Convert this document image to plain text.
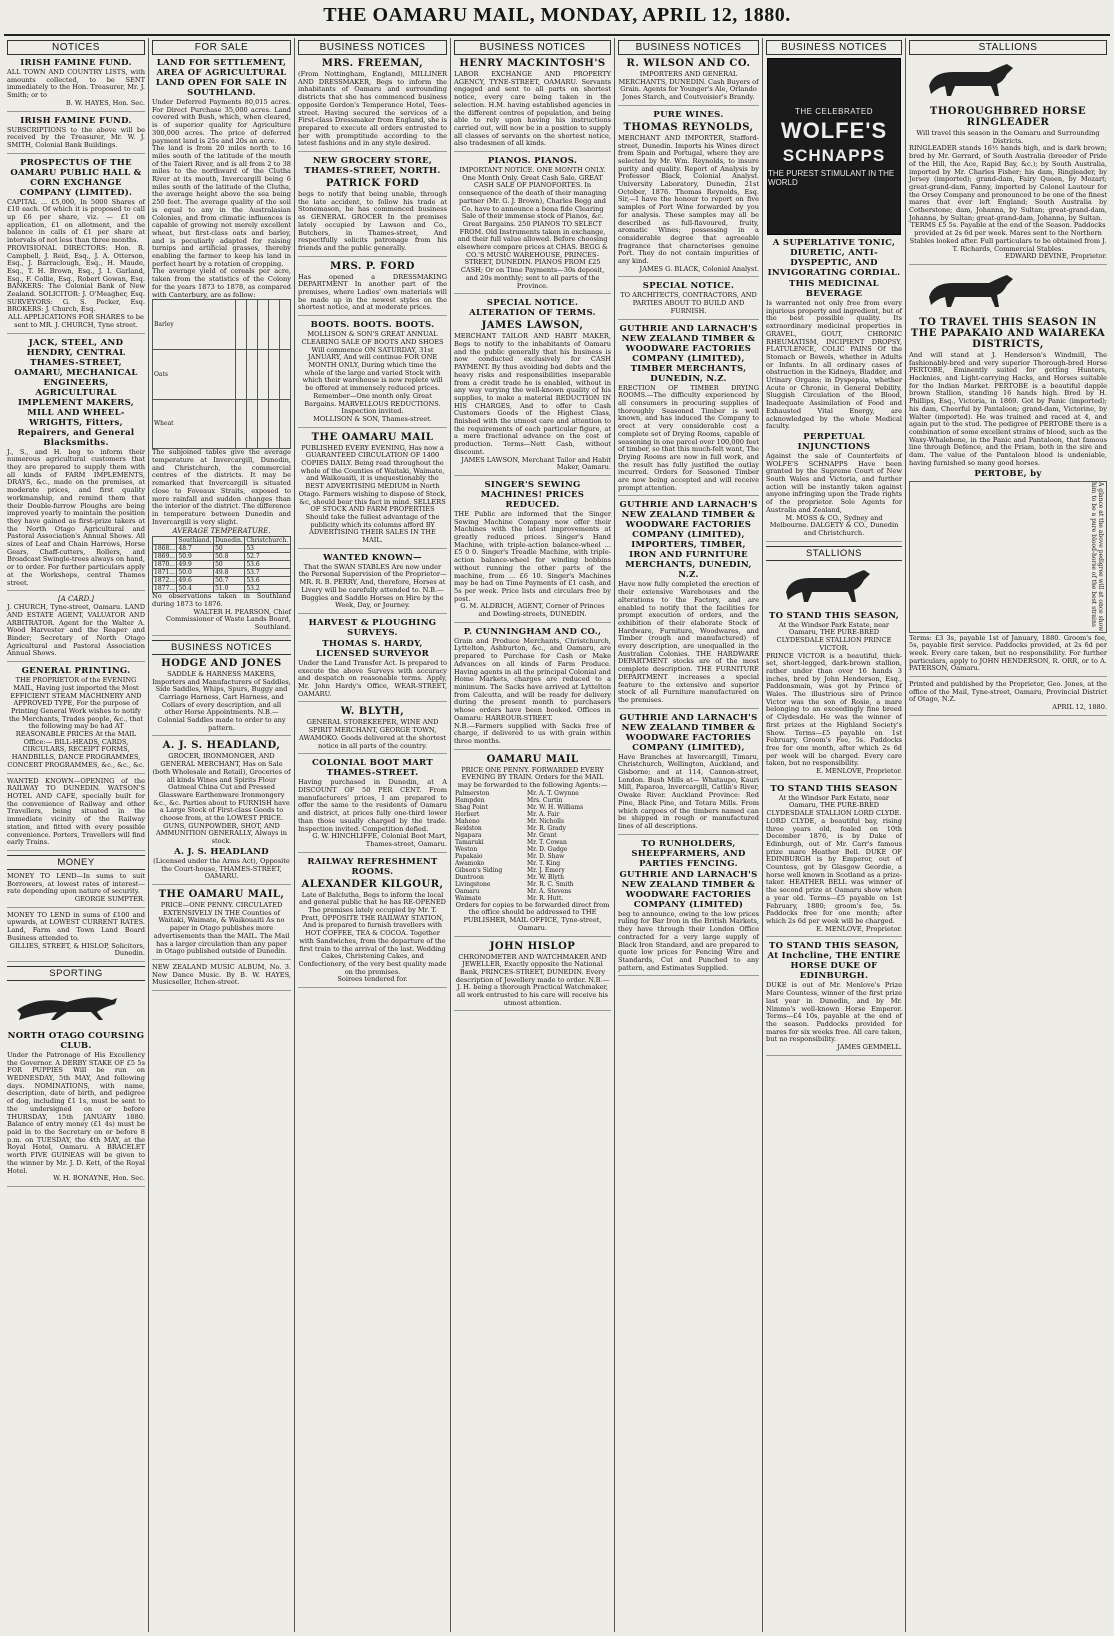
THE OAMARU MAIL, MONDAY, APRIL 12, 1880.
NOTICES
IRISH FAMINE FUND.

ALL TOWN AND COUNTRY LISTS, with amounts collected, to be SENT immediately to the Hon. Treasurer, Mr. J. Smith; or to

B. W. HAYES, Hon. Sec.

IRISH FAMINE FUND.

SUBSCRIPTIONS to the above will be received by the Treasurer, Mr. W. J. SMITH, Colonial Bank Buildings.

PROSPECTUS OF THE OAMARU PUBLIC HALL & CORN EXCHANGE COMPANY (LIMITED).

CAPITAL ... £5,000, In 5000 Shares of £10 each. Of which it is proposed to call up £6 per share, viz. — £1 on application, £1 on allotment, and the balance in calls of £1 per share at intervals of not less than three months.

PROVISIONAL DIRECTORS: Hon. R. Campbell, J. Reid, Esq., J. A. Otterson, Esq., J. Barraclough, Esq., H. Maude, Esq., T. H. Brown, Esq., J. I. Garland, Esq., F. Collie, Esq., Robert Gowan, Esq. BANKERS: The Colonial Bank of New Zealand. SOLICITOR: J. O'Meagher, Esq. SURVEYORS: G. S. Pecker, Esq. BROKERS: J. Church, Esq.

ALL APPLICATIONS FOR SHARES to be sent to MR. J. CHURCH, Tyne street.

JACK, STEEL, AND HENDRY, CENTRAL THAMES-STREET, OAMARU, MECHANICAL ENGINEERS, AGRICULTURAL IMPLEMENT MAKERS, MILL AND WHEEL-WRIGHTS, Fitters, Repairers, and General Blacksmiths.

J., S., and H. beg to inform their numerous agricultural customers that they are prepared to supply them with all kinds of FARM IMPLEMENTS, DRAYS, &c., made on the premises, at moderate prices, and first quality workmanship, and remind them that their Double-furrow Ploughs are being improved yearly to maintain the position they have gained as first-prize takers at the North Otago Agricultural and Pastoral Association's Annual Shows. All sizes of Leaf and Chain Harrows, Horse Gears, Chaff-cutters, Rollers, and Broadcast Swingle-trees always on hand, or to order. For further particulars apply at the Workshops, central Thames street.

[A CARD.]

J. CHURCH, Tyne-street, Oamaru. LAND AND ESTATE AGENT, VALUATOR AND ARBITRATOR. Agent for the Walter A. Wood Harvester and the Reaper and Binder; Secretary of North Otago Agricultural and Pastoral Association Annual Shows.

GENERAL PRINTING.

THE PROPRIETOR of the EVENING MAIL, Having just imported the Most EFFICIENT STEAM MACHINERY AND APPROVED TYPE, For the purpose of Printing General Work wishes to notify the Merchants, Trades people, &c., that the following may be had AT REASONABLE PRICES At the MAIL Office:— BILL-HEADS, CARDS, CIRCULARS, RECEIPT FORMS, HANDBILLS, DANCE PROGRAMMES, CONCERT PROGRAMMES, &c., &c., &c.

WANTED KNOWN—OPENING of the RAILWAY TO DUNEDIN. WATSON'S HOTEL AND CAFE, specially built for the convenience of Railway and other Travellers, being situated in the immediate vicinity of the Railway station, and fitted with every possible convenience. Porters, Travellers will find early Trains.

MONEY

MONEY TO LEND—In sums to suit Borrowers, at lowest rates of interest—rate depending upon nature of security.

GEORGE SUMPTER.

MONEY TO LEND in sums of £100 and upwards, at LOWEST CURRENT RATES. Land, Farm and Town Land Board Business attended to.

GILLIES, STREET, & HISLOP, Solicitors, Dunedin.

SPORTING
NORTH OTAGO COURSING CLUB.

Under the Patronage of His Excellency the Governor. A DERBY STAKE OF £5 5s FOR PUPPIES Will be run on WEDNESDAY, 5th MAY, And following days. NOMINATIONS, with name, description, date of birth, and pedigree of dog, including £1 1s, must be sent to the undersigned on or before THURSDAY, 15th JANUARY 1880. Balance of entry money (£1 4s) must be paid in to the Secretary on or before 8 p.m. on TUESDAY, the 4th MAY, at the Royal Hotel, Oamaru. A BRACELET worth FIVE GUINEAS will be given to the winner by Mr. J. D. Kett, of the Royal Hotel.

W. H. BONAYNE, Hon. Sec.

FOR SALE
LAND FOR SETTLEMENT, AREA OF AGRICULTURAL LAND OPEN FOR SALE IN SOUTHLAND.

Under Deferred Payments 80,015 acres. For Direct Purchase 35,000 acres. Land covered with Bush, which, when cleared, is of superior quality for Agriculture 300,000 acres. The price of deferred payment land is 25s and 20s an acre.

The land is from 20 miles north to 16 miles south of the latitude of the mouth of the Taieri River, and is all from 2 to 38 miles to the northward of the Clutha River at its mouth, Invercargill being 6 miles south of the latitude of the Clutha, the average height above the sea being 250 feet. The average quality of the soil is equal to any in the Australasian Colonies, and from climatic influences is capable of growing not merely excellent wheat, but first-class oats and barley, and is peculiarly adapted for raising turnips and artificial grasses, thereby enabling the farmer to keep his land in perfect heart by a rotation of cropping.

The average yield of cereals per acre, taken from the statistics of the Colony for the years 1873 to 1878, as compared with Canterbury, are as follow:

Barley					
Oats					
Wheat					

The subjoined tables give the average temperature at Invercargill, Dunedin, and Christchurch, the commercial centres of the districts. It may be remarked that Invercargill is situated close to Foveaux Straits, exposed to more rainfall and sudden changes than the interior of the district. The difference in temperature between Dunedin and Invercargill is very slight.

AVERAGE TEMPERATURE.
	Southland.	Dunedin.	Christchurch.
1868...	48.7	50	53
1869...	50.9	50.8	52.7
1870...	49.9	50	53.6
1871...	50.0	49.8	53.7
1872...	49.6	50.7	53.6
1877...	50.4	51.0	53.2

No observations taken in Southland during 1873 to 1876.

WALTER H. PEARSON, Chief Commissioner of Waste Lands Board, Southland.

BUSINESS NOTICES
HODGE AND JONES

SADDLE & HARNESS MAKERS, Importers and Manufacturers of Saddles, Side Saddles, Whips, Spurs, Buggy and Carriage Harness, Cart Harness, and Collars of every description, and all other Horse Appointments. N.B.—Colonial Saddles made to order to any pattern.

A. J. S. HEADLAND,

GROCER, IRONMONGER, AND GENERAL MERCHANT, Has on Sale (both Wholesale and Retail), Groceries of all kinds Wines and Spirits Flour Oatmeal China Cut and Pressed Glassware Earthenware Ironmongery &c., &c. Parties about to FURNISH have a Large Stock of First-class Goods to choose from, at the LOWEST PRICE. GUNS, GUNPOWDER, SHOT, AND AMMUNITION GENERALLY, Always in stock.

A. J. S. HEADLAND

(Licensed under the Arms Act), Opposite the Court-house, THAMES-STREET, OAMARU.

THE OAMARU MAIL,

PRICE—ONE PENNY. CIRCULATED EXTENSIVELY IN THE Counties of Waitaki, Waimate, & Waikouaiti As no paper in Otago publishes more advertisements than the MAIL. The Mail has a larger circulation than any paper in Otago published outside of Dunedin.

NEW ZEALAND MUSIC ALBUM, No. 3. New Dance Music. By B. W. HAYES, Musicseller, Itchen-street.

BUSINESS NOTICES
MRS. FREEMAN,

(From Nottingham, England), MILLINER AND DRESSMAKER, Begs to inform the inhabitants of Oamaru and surrounding districts that she has commenced business opposite Gordon's Temperance Hotel, Tees-street. Having secured the services of a First-class Dressmaker from England, she is prepared to execute all orders entrusted to her with promptitude according to the latest fashions and in any style desired.

NEW GROCERY STORE, THAMES-STREET, NORTH.
PATRICK FORD

begs to notify that being unable, through the late accident, to follow his trade at Stonemason, he has commenced business as GENERAL GROCER In the premises lately occupied by Lawson and Co., Butchers, in Thames-street, And respectfully solicits patronage from his friends and the public generally.

MRS. P. FORD

Has opened a DRESSMAKING DEPARTMENT In another part of the premises, where Ladies' own materials will be made up in the newest styles on the shortest notice, and at moderate prices.

BOOTS. BOOTS. BOOTS.

MOLLISON & SON'S GREAT ANNUAL CLEARING SALE OF BOOTS AND SHOES Will commence ON SATURDAY, 31st JANUARY, And will continue FOR ONE MONTH ONLY, During which time the whole of the large and varied Stock with which their warehouse is now replete will be offered at immensely reduced prices. Remember—One month only. Great Bargains. MARVELLOUS REDUCTIONS. Inspection invited.

MOLLISON & SON, Thames-street.

THE OAMARU MAIL

PUBLISHED EVERY EVENING, Has now a GUARANTEED CIRCULATION OF 1400 COPIES DAILY. Being read throughout the whole of the Counties of Waitaki, Waimate, and Waikouaiti, it is unquestionably the BEST ADVERTISING MEDIUM in North Otago. Farmers wishing to dispose of Stock, &c, should bear this fact in mind. SELLERS OF STOCK AND FARM PROPERTIES Should take the fullest advantage of the publicity which its columns afford BY ADVERTISING THEIR SALES IN THE MAIL.

WANTED KNOWN—

That the SWAN STABLES Are now under the Personal Supervision of the Proprietor— MR. R. B. PERRY, And, therefore, Horses at Livery will be carefully attended to. N.B.—Buggies and Saddle Horses on Hire by the Week, Day, or Journey.

HARVEST & PLOUGHING SURVEYS.
THOMAS S. HARDY, LICENSED SURVEYOR

Under the Land Transfer Act. Is prepared to execute the above Surveys with accuracy and despatch on reasonable terms. Apply, Mr. John Hardy's Office, WEAR-STREET, OAMARU.

W. BLYTH,

GENERAL STOREKEEPER, WINE AND SPIRIT MERCHANT, GEORGE TOWN, AWAMOKO. Goods delivered at the shortest notice in all parts of the country.

COLONIAL BOOT MART THAMES-STREET.

Having purchased in Dunedin, at A DISCOUNT OF 50 PER CENT. From manufacturers' prices, I am prepared to offer the same to the residents of Oamaru and district, at prices fully one-third lower than those usually charged by the trade. Inspection invited. Competition defied.

G. W. HINCHLIFFE, Colonial Boot Mart, Thames-street, Oamaru.

RAILWAY REFRESHMENT ROOMS.
ALEXANDER KILGOUR,

Late of Balclutha, Begs to inform the local and general public that he has RE-OPENED The premises lately occupied by Mr. T. Pratt, OPPOSITE THE RAILWAY STATION, And is prepared to furnish travellers with HOT COFFEE, TEA & COCOA. Together with Sandwiches, from the departure of the first train to the arrival of the last. Wedding Cakes, Christening Cakes, and Confectionery, of the very best quality made on the premises.

Soirees tendered for.

BUSINESS NOTICES
HENRY MACKINTOSH'S

LABOR EXCHANGE AND PROPERTY AGENCY, TYNE-STREET, OAMARU. Servants engaged and sent to all parts on shortest notice, every care being taken in the selection. H.M. having established agencies in the different centres of population, and being able to rely upon having his instructions carried out, will now be in a position to supply all classes of servants on the shortest notice, also tradesmen of all kinds.

PIANOS. PIANOS.

IMPORTANT NOTICE. ONE MONTH ONLY. One Month Only. Great Cash Sale. GREAT CASH SALE OF PIANOFORTES. In consequence of the death of their managing partner (Mr. G. J. Brown), Charles Begg and Co. have to announce a bona fide Clearing Sale of their immense stock of Pianos, &c. Great Bargains. 250 PIANOS TO SELECT FROM. Old Instruments taken in exchange, and their full value allowed. Before choosing elsewhere compare prices at CHAS. BEGG & CO.'S MUSIC WAREHOUSE, PRINCES-STREET, DUNEDIN. PIANOS FROM £25 CASH; Or on Time Payments—30s deposit, and 20s monthly; sent to all parts of the Province.

SPECIAL NOTICE. ALTERATION OF TERMS.
JAMES LAWSON,

MERCHANT TAILOR AND HABIT MAKER, Begs to notify to the inhabitants of Oamaru and the public generally that his business is now conducted exclusively for CASH PAYMENT. By thus avoiding bad debts and the heavy risks and responsibilities inseparable from a credit trade he is enabled, without in any way varying the well-known quality of his supplies, to make a material REDUCTION IN HIS CHARGES, And to offer to Cash Customers Goods of the Highest Class, finished with the utmost care and attention to the requirements of each particular figure, at a mere fractional advance on the cost of production. Terms—Nett Cash, without discount.

JAMES LAWSON, Merchant Tailor and Habit Maker, Oamaru.

SINGER'S SEWING MACHINES! PRICES REDUCED.

THE Public are informed that the Singer Sewing Machine Company now offer their Machines with the latest improvements at greatly reduced prices. Singer's Hand Machine, with triple-action balance-wheel ... £5 0 0. Singer's Treadle Machine, with triple-action balance-wheel for winding bobbins without running the other parts of the machine, from ... £6 10. Singer's Machines may be had on Time Payments of £1 cash, and 5s per week. Price lists and circulars free by post.

G. M. ALDRICH, AGENT, Corner of Princes and Dowling-streets, DUNEDIN.

P. CUNNINGHAM AND CO.,

Grain and Produce Merchants, Christchurch, Lyttelton, Ashburton, &c., and Oamaru, are prepared to Purchase for Cash or Make Advances on all kinds of Farm Produce. Having agents in all the principal Colonial and Home Markets, charges are reduced to a minimum. The Sacks have arrived at Lyttelton from Calcutta, and will be ready for delivery during the present month to purchasers whose orders have been booked. Offices in Oamaru: HAREOUR-STREET.

N.B.—Farmers supplied with Sacks free of charge, if delivered to us with grain within three months.

OAMARU MAIL

PRICE ONE PENNY. FORWARDED EVERY EVENING BY TRAIN. Orders for the MAIL may be forwarded to the following Agents:—

Palmerston	Mr. A. T. Gwynne
Hampden	Mrs. Curtin
Shag Point	Mr. W. H. Williams
Herbert	Mr. A. Fair
Maheno	Mr. Nicholls
Reidston	Mr. R. Grady
Ngapara	Mr. Grant
Tamaruki	Mr. T. Cowan
Weston	Mr. D. Gudge
Papakaio	Mr. D. Shaw
Awamoko	Mr. T. King
Gibson's Siding	Mr. J. Emery
Duntroon	Mr. W. Blyth
Livingstone	Mr. R. C. Smith
Oamaru	Mr. A. Stevens
Waimate	Mr. R. Hutt.

Orders for copies to be forwarded direct from the office should be addressed to THE PUBLISHER, MAIL OFFICE, Tyne-street, Oamaru.

JOHN HISLOP

CHRONOMETER AND WATCHMAKER AND JEWELLER, Exactly opposite the National Bank, PRINCES-STREET, DUNEDIN. Every description of Jewellery made to order. N.B.—J. H. being a thorough Practical Watchmaker, all work entrusted to his care will receive his utmost attention.

BUSINESS NOTICES
R. WILSON AND CO.

IMPORTERS AND GENERAL MERCHANTS, DUNEDIN. Cash Buyers of Grain. Agents for Younger's Ale, Orlando Jones Starch, and Coutvoisier's Brandy.

PURE WINES.
THOMAS REYNOLDS,

MERCHANT AND IMPORTER, Stafford-street, Dunedin. Imports his Wines direct from Spain and Portugal, where they are selected by Mr. Wm. Reynolds, to insure purity and quality. Report of Analysis by Professor Black, Colonial Analyst. University Laboratory, Dunedin, 21st October, 1876. Thomas Reynolds, Esq. Sir,—I have the honour to report on five samples of Port Wine forwarded by you for analysis. These samples may all be described as full-flavoured, fruity, aromatic Wines; possessing in a considerable degree that agreeable fragrance that characterises genuine Port. They do not contain impurities of any kind.

JAMES G. BLACK, Colonial Analyst.

SPECIAL NOTICE.

TO ARCHITECTS, CONTRACTORS, AND PARTIES ABOUT TO BUILD AND FURNISH.

GUTHRIE AND LARNACH'S NEW ZEALAND TIMBER & WOODWARE FACTORIES COMPANY (LIMITED), TIMBER MERCHANTS, DUNEDIN, N.Z.

ERECTION OF TIMBER DRYING ROOMS.—The difficulty experienced by all consumers in procuring supplies of thoroughly Seasoned Timber is well known, and has induced the Company to erect at very considerable cost a complete set of Drying Rooms, capable of seasoning in one parcel over 100,000 feet of timber, so that this much-felt want, The Drying Rooms are now in full work, and the result has fully justified the outlay incurred. Orders for Seasoned Timber are now being accepted and will receive prompt attention.

GUTHRIE AND LARNACH'S NEW ZEALAND TIMBER & WOODWARE FACTORIES COMPANY (LIMITED), IMPORTERS, TIMBER, IRON AND FURNITURE MERCHANTS, DUNEDIN, N.Z.

Have now fully completed the erection of their extensive Warehouses and the alterations to the Factory, and are enabled to notify that the facilities for prompt execution of orders, and the exhibition of their elaborate Stock of Hardware, Furniture, Woodwares, and Timber (rough and manufactured) of every description, are unequalled in the Australian Colonies. THE HARDWARE DEPARTMENT stocks are of the most complete description. THE FURNITURE DEPARTMENT increases a special feature to the extensive and superior stock of all Furniture manufactured on the premises.

GUTHRIE AND LARNACH'S NEW ZEALAND TIMBER & WOODWARE FACTORIES COMPANY (LIMITED),

Have Branches at Invercargill, Timaru, Christchurch, Wellington, Auckland, and Gisborne; and at 114, Cannon-street, London. Bush Mills at— Whataupo, Kauri Mill, Paparoa, Invercargill, Catlin's River, Owake River. Auckland Province: Red Pine, Black Pine, and Totara Mills. From which cargoes of the timbers named can be shipped in rough or manufactured lines of all descriptions.

TO RUNHOLDERS, SHEEPFARMERS, AND PARTIES FENCING.
GUTHRIE AND LARNACH'S NEW ZEALAND TIMBER & WOODWARE FACTORIES COMPANY (LIMITED)

beg to announce, owing to the low prices ruling for Bar Iron in the British Markets, they have through their London Office contracted for a very large supply of Black Iron Standard, and are prepared to quote low prices for Fencing Wire and Standards, Cut and Punched to any pattern, and Estimates Supplied.

BUSINESS NOTICES
THE CELEBRATED
WOLFE'S
SCHNAPPS
THE PUREST STIMULANT IN THE WORLD
A SUPERLATIVE TONIC, DIURETIC, ANTI-DYSPEPTIC, AND INVIGORATING CORDIAL.
THIS MEDICINAL BEVERAGE

Is warranted not only free from every injurious property and ingredient, but of the best possible quality. Its extraordinary medicinal properties in GRAVEL, GOUT, CHRONIC RHEUMATISM, INCIPIENT DROPSY, FLATULENCE, COLIC PAINS Of the Stomach or Bowels, whether in Adults or Infants. In all ordinary cases of obstruction in the Kidneys, Bladder, and Urinary Organs; in Dyspepsia, whether Acute or Chronic, in General Debility, Sluggish Circulation of the Blood, Inadequate Assimilation of Food and Exhausted Vital Energy, are acknowledged by the whole Medical faculty.

PERPETUAL INJUNCTIONS

Against the sale of Counterfeits of WOLFE'S SCHNAPPS Have been granted by the Supreme Court of New South Wales and Victoria, and further action will be instantly taken against anyone infringing upon the Trade rights of the proprietor. Sole Agents for Australia and Zealand,

M. MOSS & CO., Sydney and Melbourne. DALGETY & CO., Dunedin and Christchurch.

STALLIONS
TO STAND THIS SEASON,

At the Windsor Park Estate, near Oamaru, THE PURE-BRED CLYDESDALE STALLION PRINCE VICTOR.

PRINCE VICTOR is a beautiful, thick-set, short-legged, dark-brown stallion, rather under than over 16 hands 3 inches, bred by John Henderson, Esq., Paddonsmain, was got by Prince of Wales. The illustrious sire of Prince Victor was the son of Rosie, a mare belonging to an exceedingly fine breed of Clydesdale. He was the winner of first prizes at the Highland Society's Show. Terms—£5 payable on 1st February, Groom's Fee, 5s. Paddocks free for one month, after which 2s 6d per week will be charged. Every care taken, but no responsibility.

E. MENLOVE, Proprietor.

TO STAND THIS SEASON

At the Windsor Park Estate, near Oamaru, THE PURE-BRED CLYDESDALE STALLION LORD CLYDE.

LORD CLYDE, a beautiful bay, rising three years old, foaled on 10th December 1876, is by Duke of Edinburgh, out of Mr. Carr's famous prize mare Heather Bell. DUKE OF EDINBURGH is by Emperor, out of Countess, got by Glasgow Geordie, a horse well known in Scotland as a prize-taker. HEATHER BELL was winner of the second prize at Oamaru show when a year old. Terms—£5 payable on 1st February, 1880; groom's fee, 5s. Paddocks free for one month; after which 2s 6d per week will be charged.

E. MENLOVE, Proprietor.

TO STAND THIS SEASON, At Inchcline, THE ENTIRE HORSE DUKE OF EDINBURGH.

DUKE is out of Mr. Menlove's Prize Mare Countess, winner of the first prize last year in Dunedin, and by Mr. Nimmo's well-known Horse Emperor. Terms—£4 10s, payable at the end of the season. Paddocks provided for mares for six weeks free. All care taken, but no responsibility.

JAMES GEMMELL.

STALLIONS
THOROUGHBRED HORSE RINGLEADER

Will travel this season in the Oamaru and Surrounding Districts.

RINGLEADER stands 16½ hands high, and is dark brown; bred by Mr. Gerrard, of South Australia (breeder of Pride of the Hill, the Ace, Rapid Bay, &c.); by South Australia, imported by Mr. Charles Fisher; his dam, Ringleader, by Jersey (imported); grand-dam, Fairy Queen, by Mozart; great-grand-dam, Fanny, imported by Colonel Lautour for the Orsey Company and pronounced to be one of the finest mares that ever left England; South Australia by Cotherstone; dam, Johanna, by Sultan; great-grand-dam, Johanna, by Sultan; great-grand-dam, Johanna, by Sultan.

TERMS £5 5s. Payable at the end of the Season. Paddocks provided at 2s 6d per week. Mares sent to the Northern Stables looked after. Full particulars to be obtained from J. T. Richards, Commercial Stables.

EDWARD DEVINE, Proprietor.

TO TRAVEL THIS SEASON IN THE PAPAKAIO AND WAIAREKA DISTRICTS,

And will stand at J. Henderson's Windmill, The fashionably-bred and very superior Thorough-bred Horse PERTOBE, Eminently suited for getting Hunters, Hacknies, and Light-carrying Hacks, and Horses suitable for the Indian Market. PERTOBE is a beautiful dapple brown Stallion, standing 16 hands high. Bred by H. Phillips, Esq., Victoria, in 1869. Got by Panic (imported); his dam, Cheerful by Pantaloon; grand-dam, Victorine, by Walter (imported). He was trained and raced at 4, and again put to the stud. The pedigree of PERTOBE there is a combination of some excellent strains of blood, such as the Waxy-Whalebone, in the Panic and Pantaloon, that famous line through Defence, and the Priam, both in the sire and dam. The value of the Pantaloon blood is undeniable, having furnished so many good horses.

PERTOBE, by
A glance at the above pedigree will at once show him to be a pure blood-horse of the best strains

Terms: £3 3s, payable 1st of January, 1880. Groom's fee, 5s, payable first service. Paddocks provided, at 2s 6d per week. Every care taken, but no responsibility. For further particulars, apply to JOHN HENDERSON, R. ORR, or to A. PATERSON, Oamaru.

Printed and published by the Proprietor, Geo. Jones, at the office of the Mail, Tyne-street, Oamaru, Provincial District of Otago, N.Z.

APRIL 12, 1880.
